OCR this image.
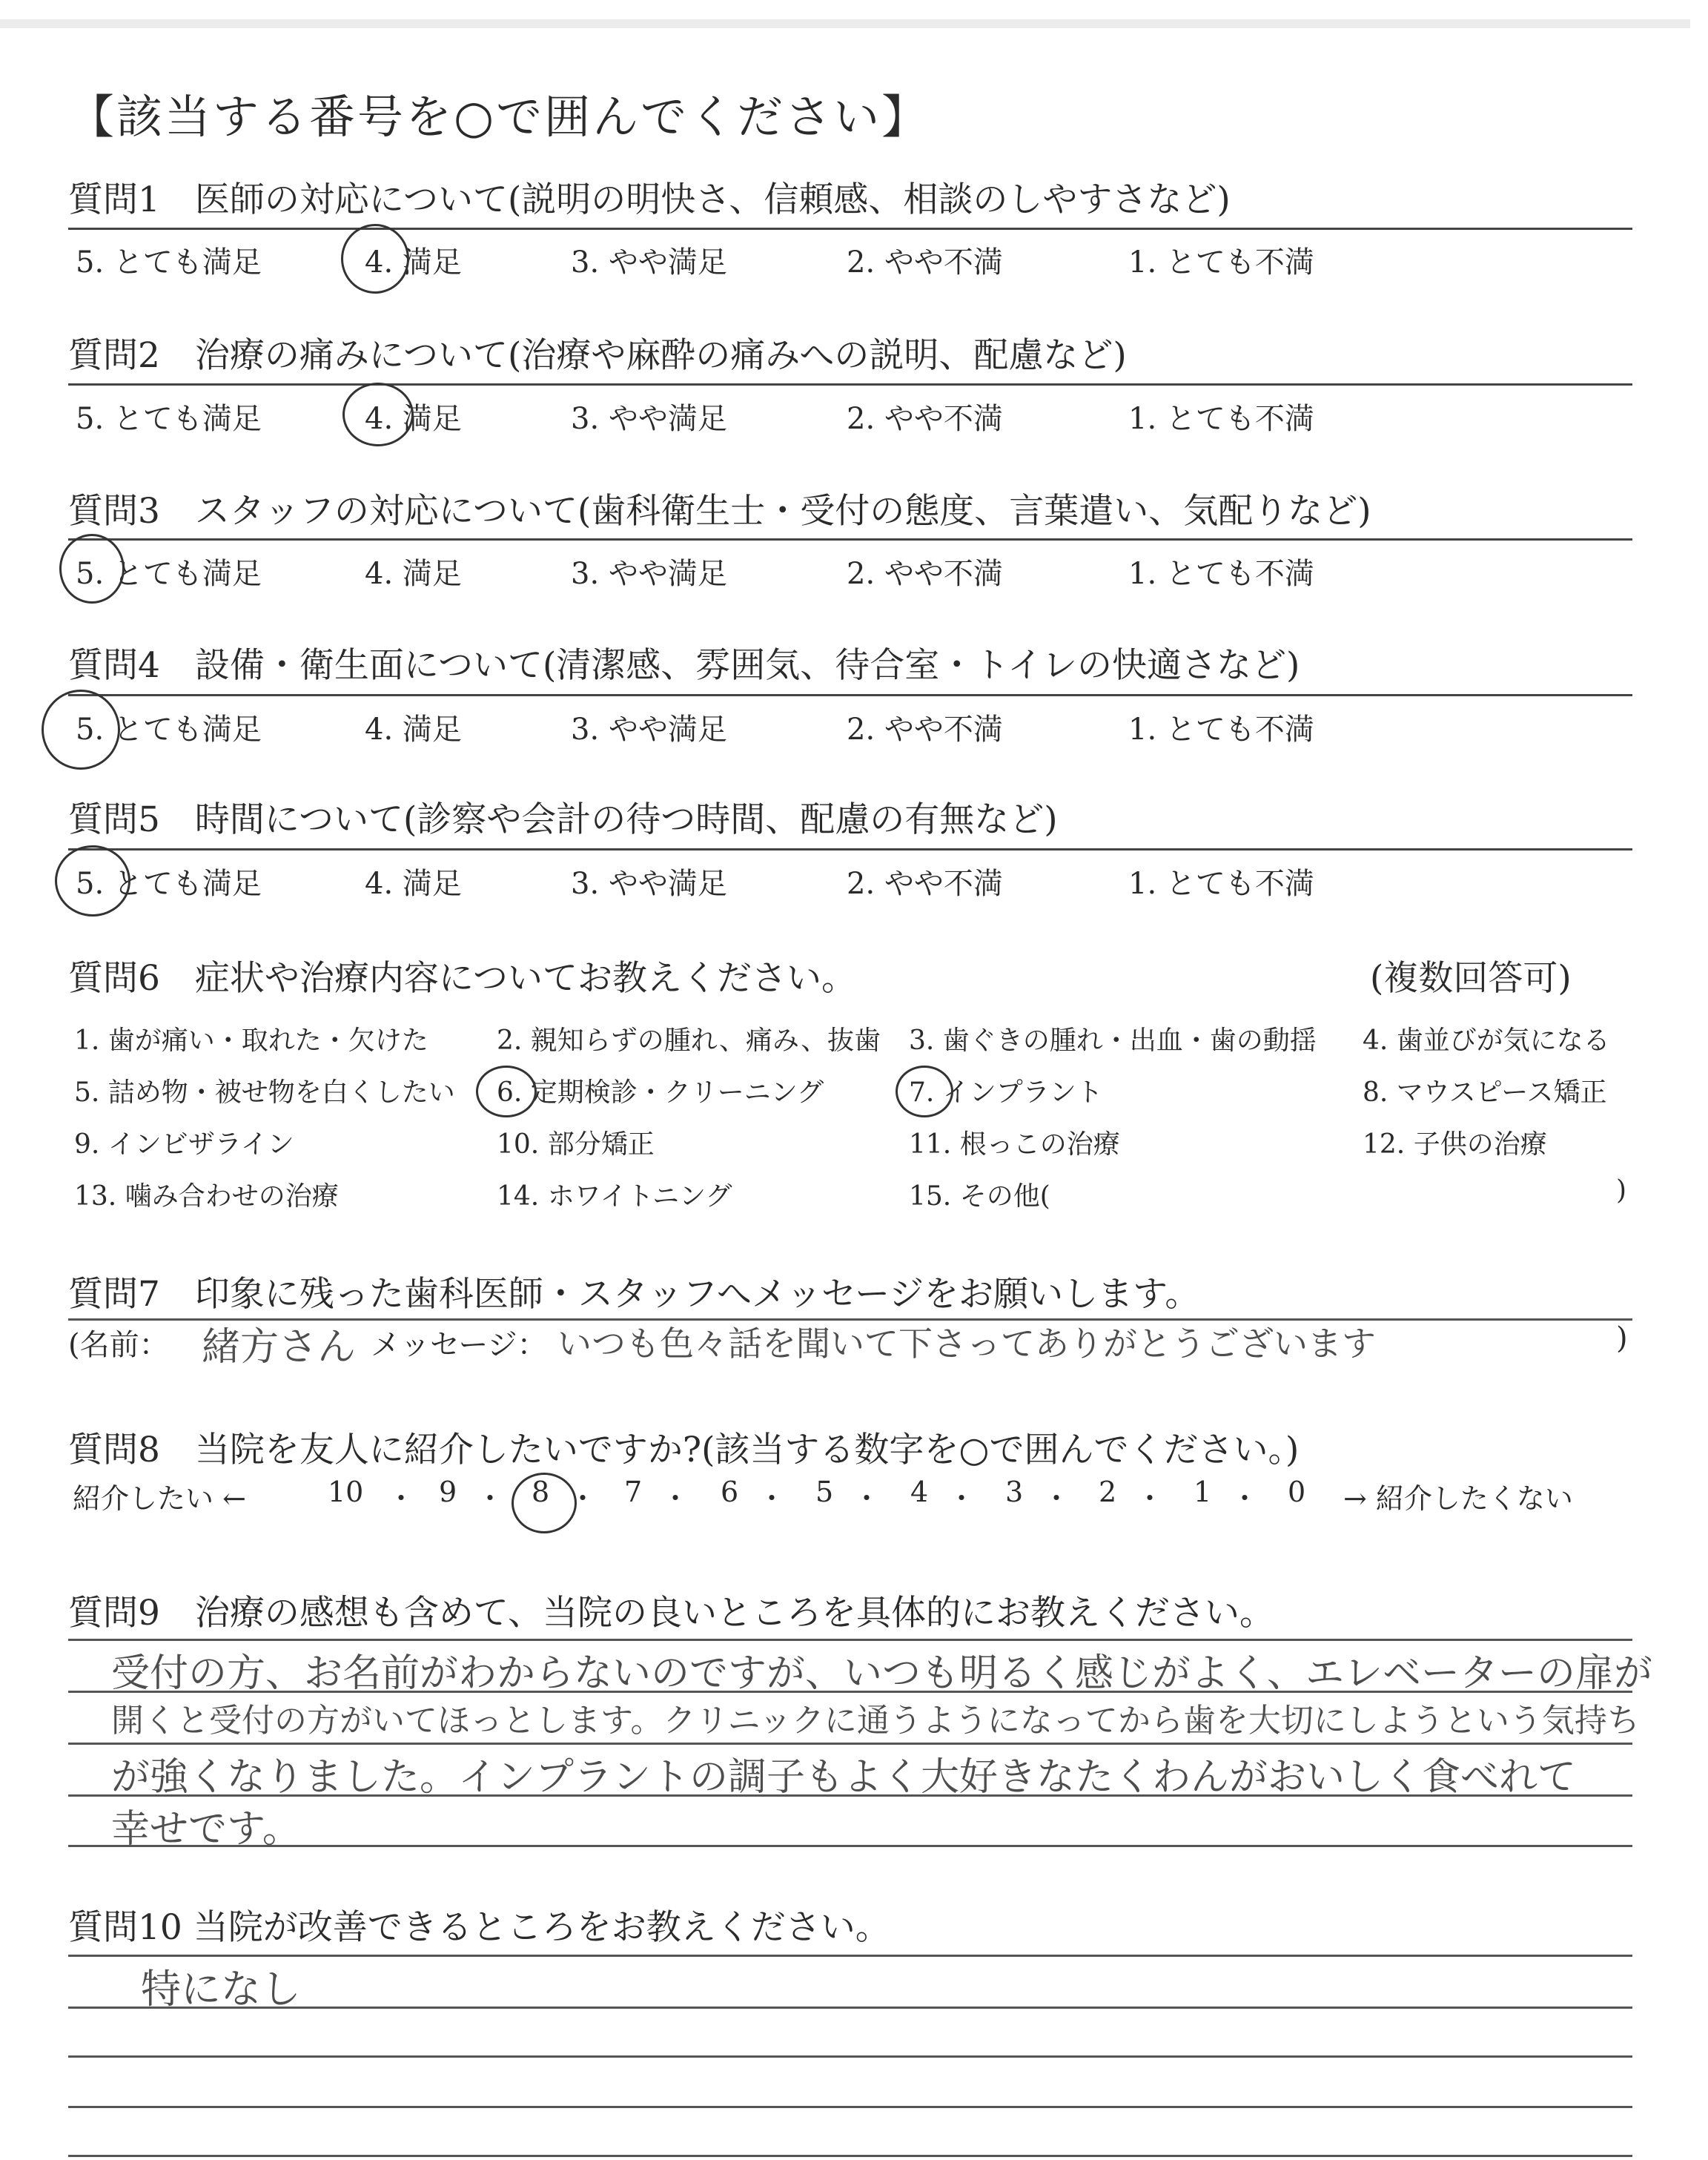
【該当する番号を○で囲んでください】
質問1　医師の対応について(説明の明快さ、信頼感、相談のしやすさなど)
5. とても満足	4. 満足	3. やや満足	2. やや不満	1. とても不満
質問2　治療の痛みについて(治療や麻酔の痛みへの説明、配慮など)
5. とても満足	4. 満足	3. やや満足	2. やや不満	1. とても不満
質問3　スタッフの対応について(歯科衛生士・受付の態度、言葉遣い、気配りなど)
5. とても満足	4. 満足	3. やや満足	2. やや不満	1. とても不満
質問4　設備・衛生面について(清潔感、雰囲気、待合室・トイレの快適さなど)
5. とても満足	4. 満足	3. やや満足	2. やや不満	1. とても不満
質問5　時間について(診察や会計の待つ時間、配慮の有無など)
5. とても満足	4. 満足	3. やや満足	2. やや不満	1. とても不満
質問6　症状や治療内容についてお教えください。	(複数回答可)
1. 歯が痛い・取れた・欠けた	2. 親知らずの腫れ、痛み、抜歯 3. 歯ぐきの腫れ・出血・歯の動揺 4. 歯並びが気になる
5. 詰め物・被せ物を白くしたい 6. 定期検診・クリーニング	7. インプラント	8. マウスピース矯正
9. インビザライン	10. 部分矯正	11. 根っこの治療	12. 子供の治療
13. 噛み合わせの治療	14. ホワイトニング	15. その他(	)
質問7　印象に残った歯科医師・スタッフへメッセージをお願いします。
(名前： 緒方さん メッセージ： いつも色々話を聞いて下さってありがとうございます	)
質問8　当院を友人に紹介したいですか?(該当する数字を○で囲んでください。)
紹介したい ←	10 ・ 9 ・ 8 ・ 7 ・ 6 ・ 5 ・ 4 ・ 3 ・ 2 ・ 1 ・ 0 → 紹介したくない
質問9　治療の感想も含めて、当院の良いところを具体的にお教えください。
受付の方、お名前がわからないのですが、いつも明るく感じがよく、エレベーターの扉が
開くと受付の方がいてほっとします。クリニックに通うようになってから歯を大切にしようという気持ち
が強くなりました。インプラントの調子もよく大好きなたくわんがおいしく食べれて
幸せです。
質問10 当院が改善できるところをお教えください。
特になし
